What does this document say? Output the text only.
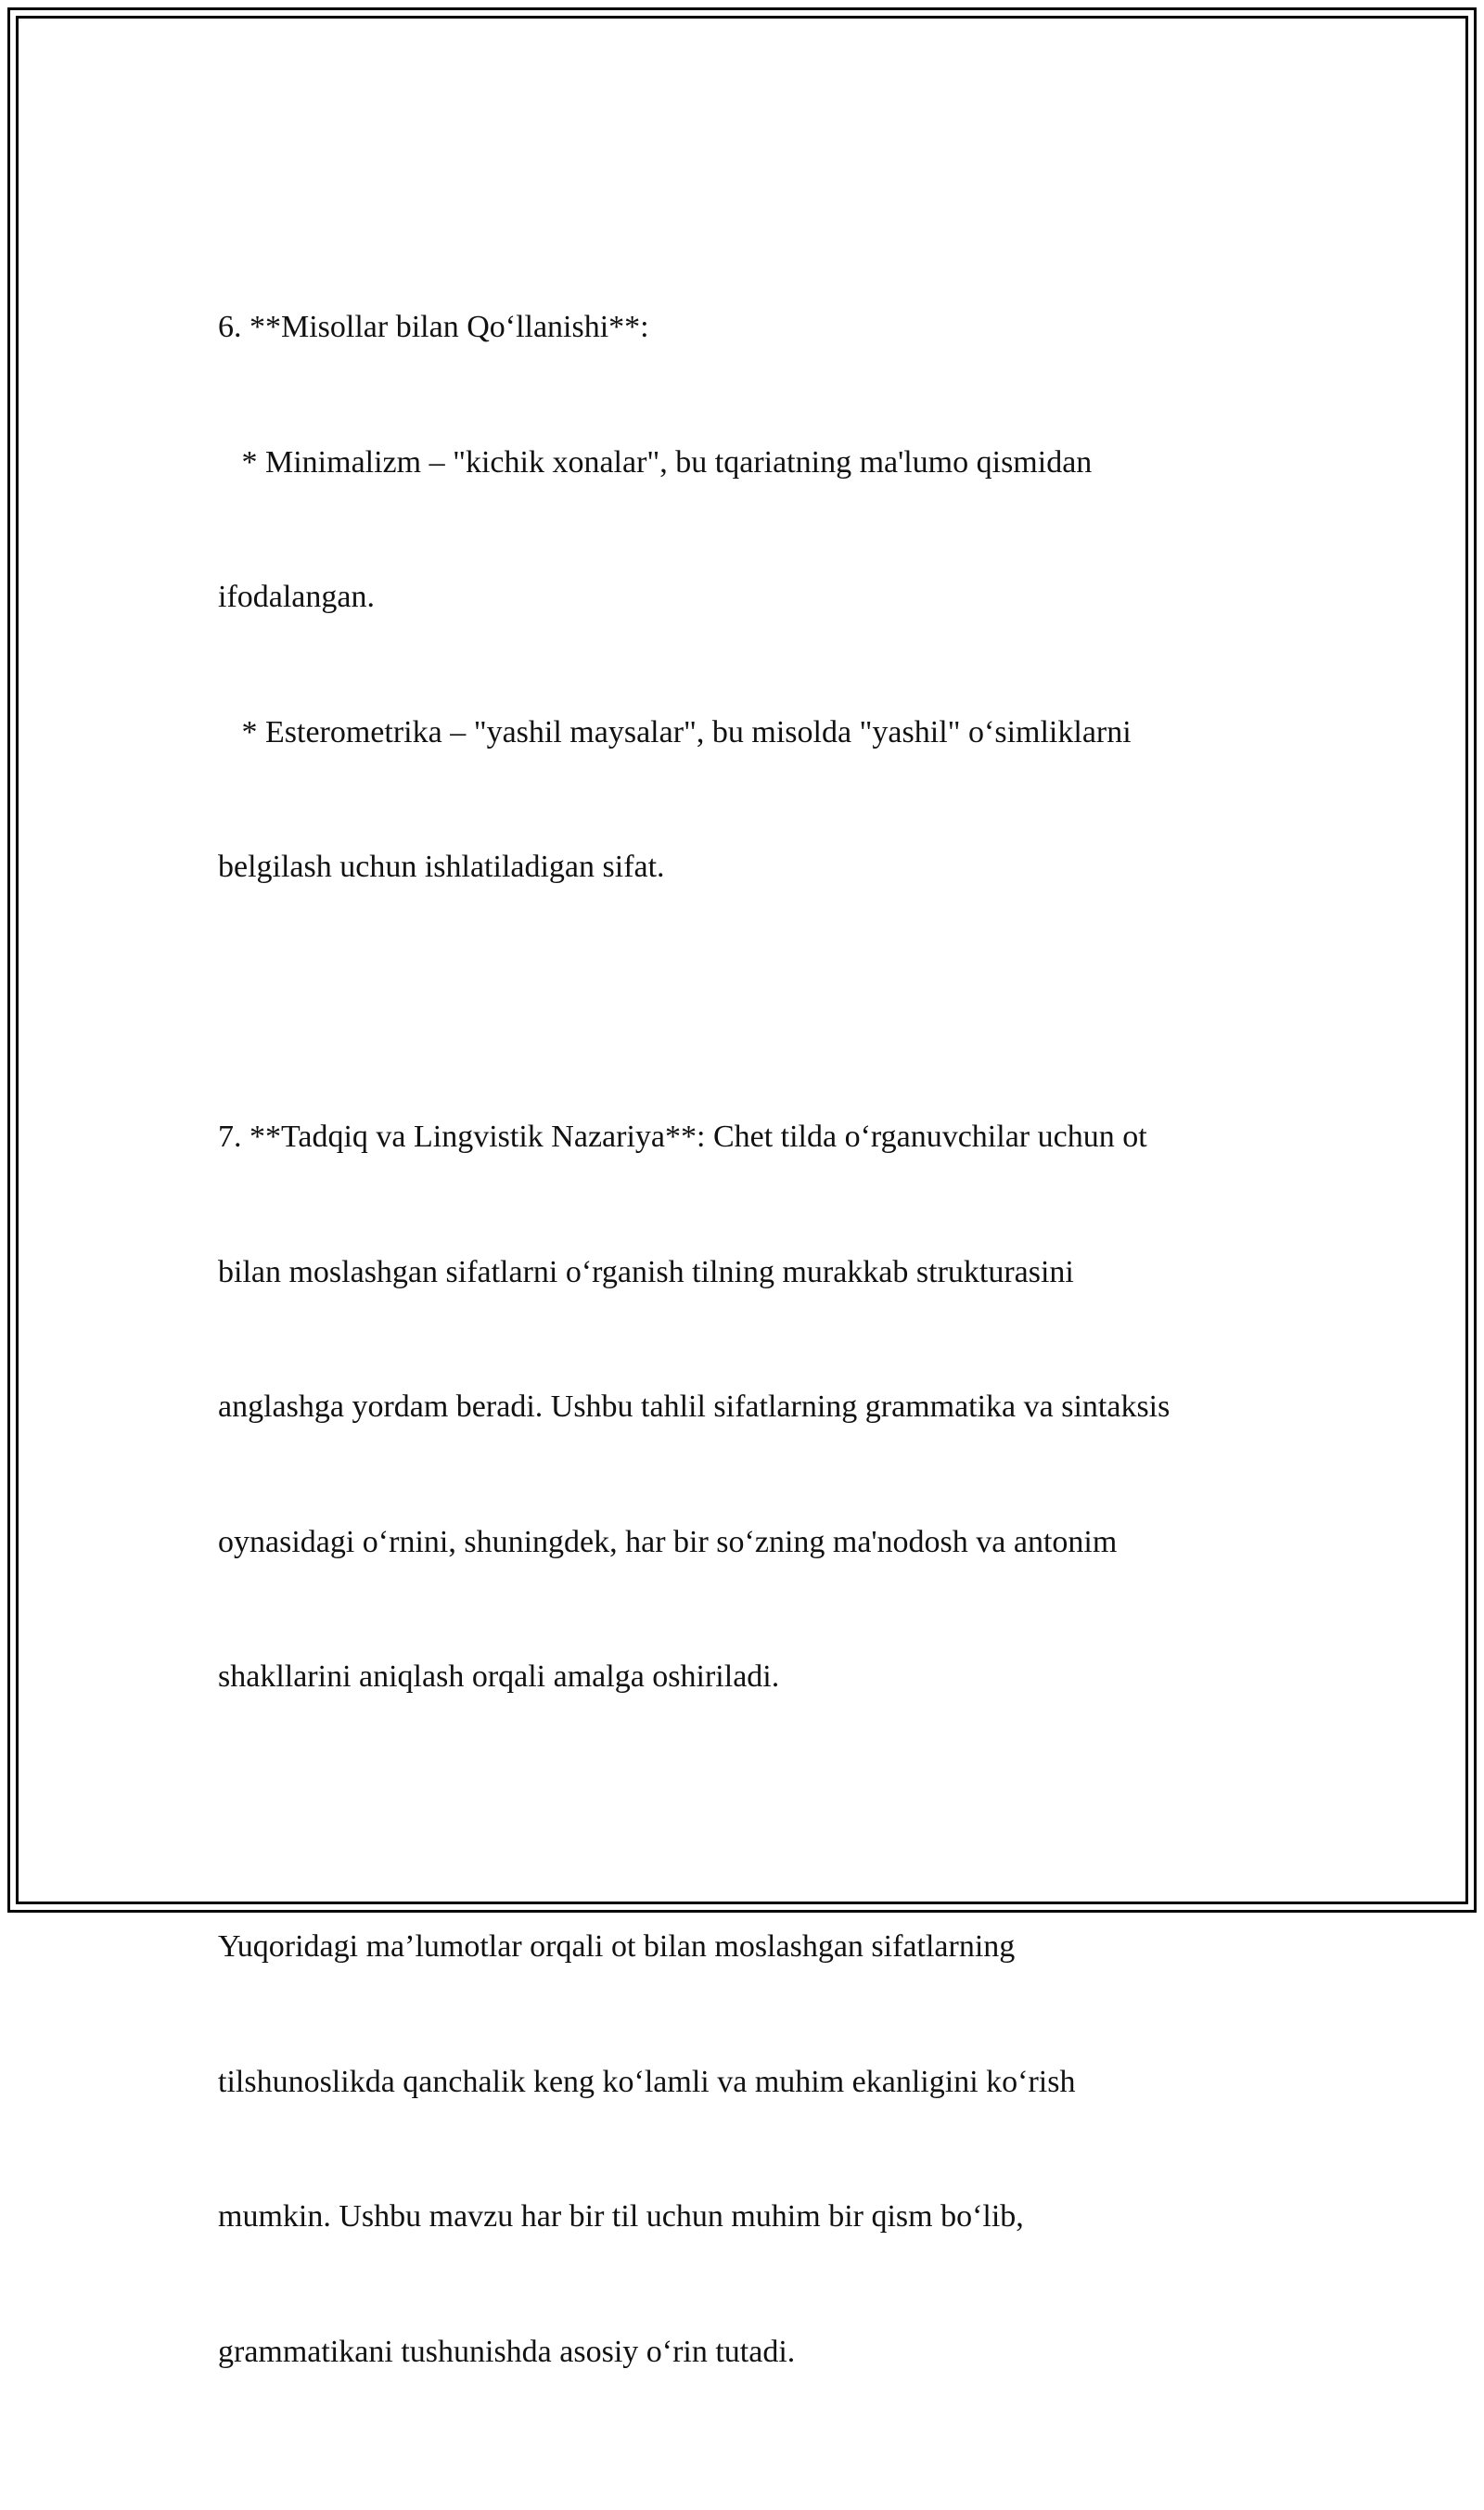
6. **Misollar bilan Qo‘llanishi**:

* Minimalizm – "kichik xonalar", bu tqariatning ma'lumo qismidan

ifodalangan.

* Esterometrika – "yashil maysalar", bu misolda "yashil" o‘simliklarni

belgilash uchun ishlatiladigan sifat.

7. **Tadqiq va Lingvistik Nazariya**: Chet tilda o‘rganuvchilar uchun ot

bilan moslashgan sifatlarni o‘rganish tilning murakkab strukturasini

anglashga yordam beradi. Ushbu tahlil sifatlarning grammatika va sintaksis

oynasidagi o‘rnini, shuningdek, har bir so‘zning ma'nodosh va antonim

shakllarini aniqlash orqali amalga oshiriladi.

Yuqoridagi ma’lumotlar orqali ot bilan moslashgan sifatlarning

tilshunoslikda qanchalik keng ko‘lamli va muhim ekanligini ko‘rish

mumkin. Ushbu mavzu har bir til uchun muhim bir qism bo‘lib,

grammatikani tushunishda asosiy o‘rin tutadi.
